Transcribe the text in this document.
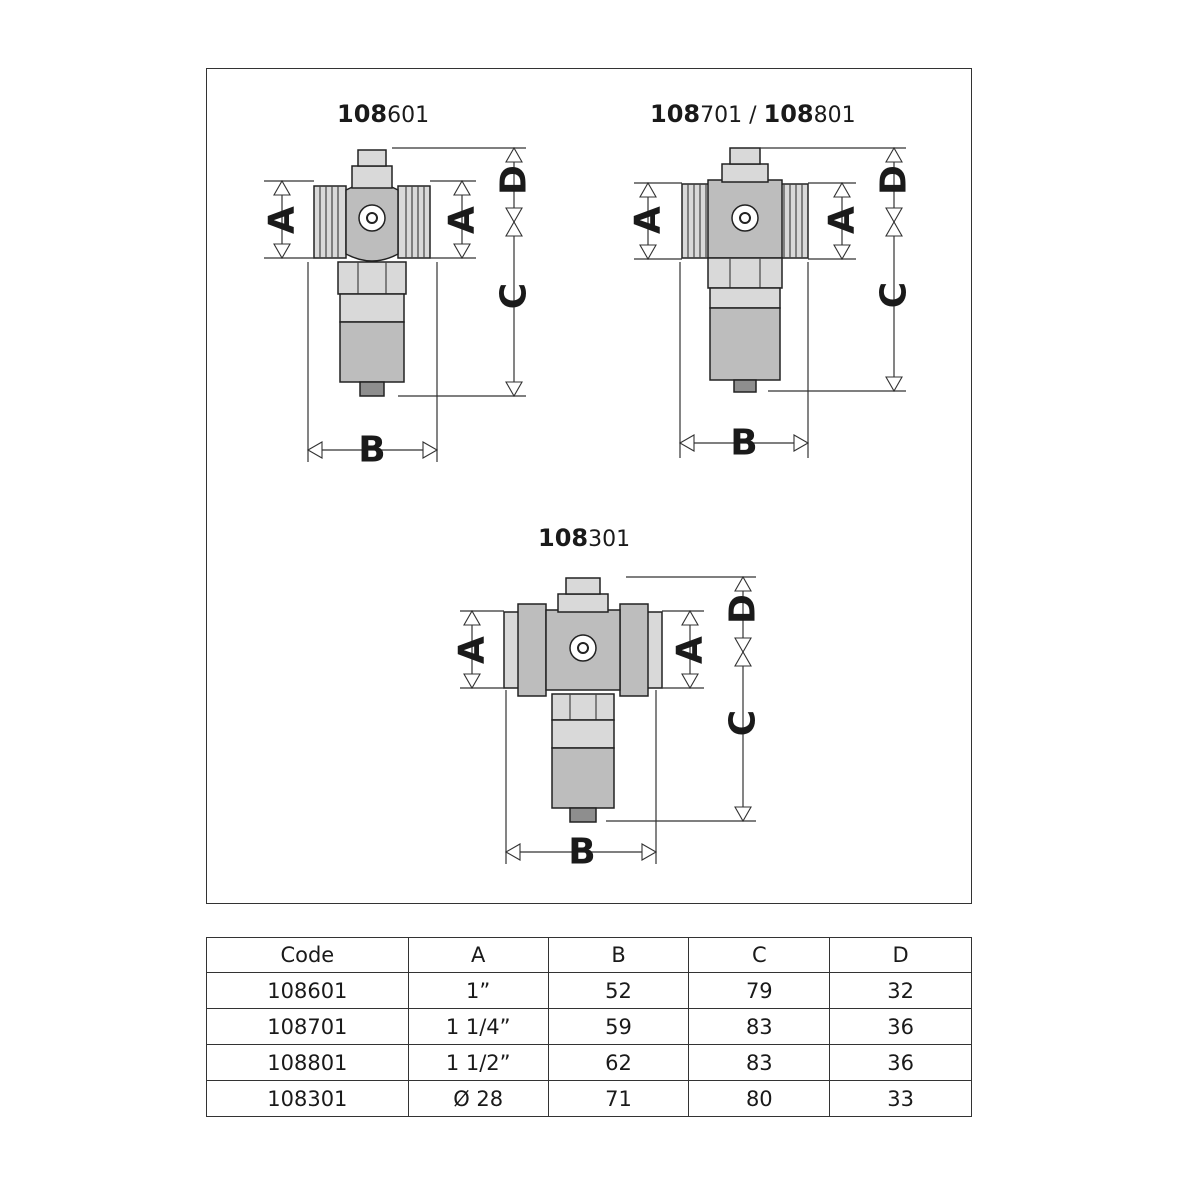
108601
A	A
D
C
B
108701 / 108801
A	A
D
C
B
108301
A	A
D
C
B
Code	A	B	C	D
108601	1”	52	79	32
108701	1 1/4”	59	83	36
108801	1 1/2”	62	83	36
108301	Ø 28	71	80	33
